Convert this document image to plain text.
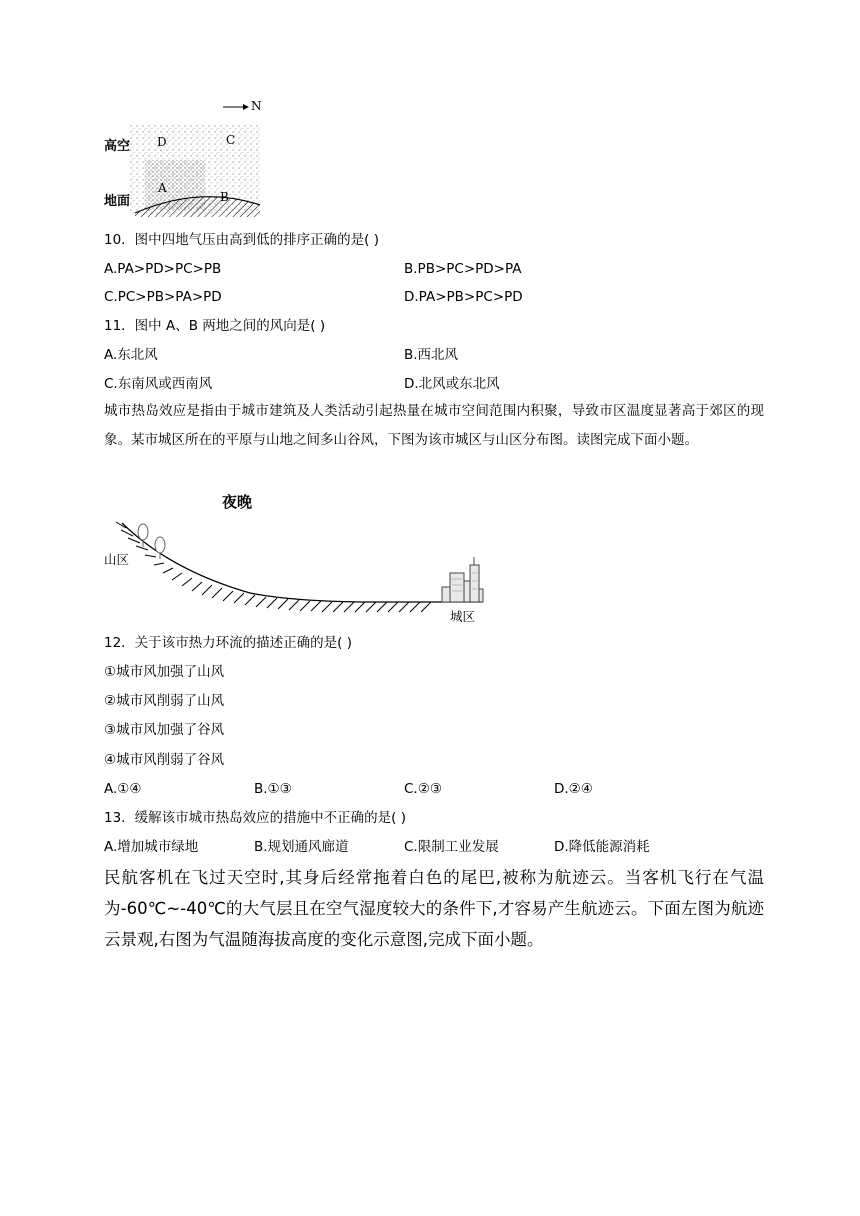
N
高空
地面
D	C
A
B
10．图中四地气压由高到低的排序正确的是( )
A.PA>PD>PC>PB	B.PB>PC>PD>PA
C.PC>PB>PA>PD	D.PA>PB>PC>PD
11．图中 A、B 两地之间的风向是( )
A.东北风	B.西北风
C.东南风或西南风	D.北风或东北风
城市热岛效应是指由于城市建筑及人类活动引起热量在城市空间范围内积聚，导致市区温度显著高于郊区的现象。某市城区所在的平原与山地之间多山谷风，下图为该市城区与山区分布图。读图完成下面小题。
夜晚
山区
城区
12．关于该市热力环流的描述正确的是( )
①城市风加强了山风
②城市风削弱了山风
③城市风加强了谷风
④城市风削弱了谷风
A.①④	B.①③	C.②③	D.②④
13．缓解该市城市热岛效应的措施中不正确的是( )
A.增加城市绿地	B.规划通风廊道	C.限制工业发展	D.降低能源消耗
民航客机在飞过天空时,其身后经常拖着白色的尾巴,被称为航迹云。当客机飞行在气温为-60℃~-40℃的大气层且在空气湿度较大的条件下,才容易产生航迹云。下面左图为航迹云景观,右图为气温随海拔高度的变化示意图,完成下面小题。
